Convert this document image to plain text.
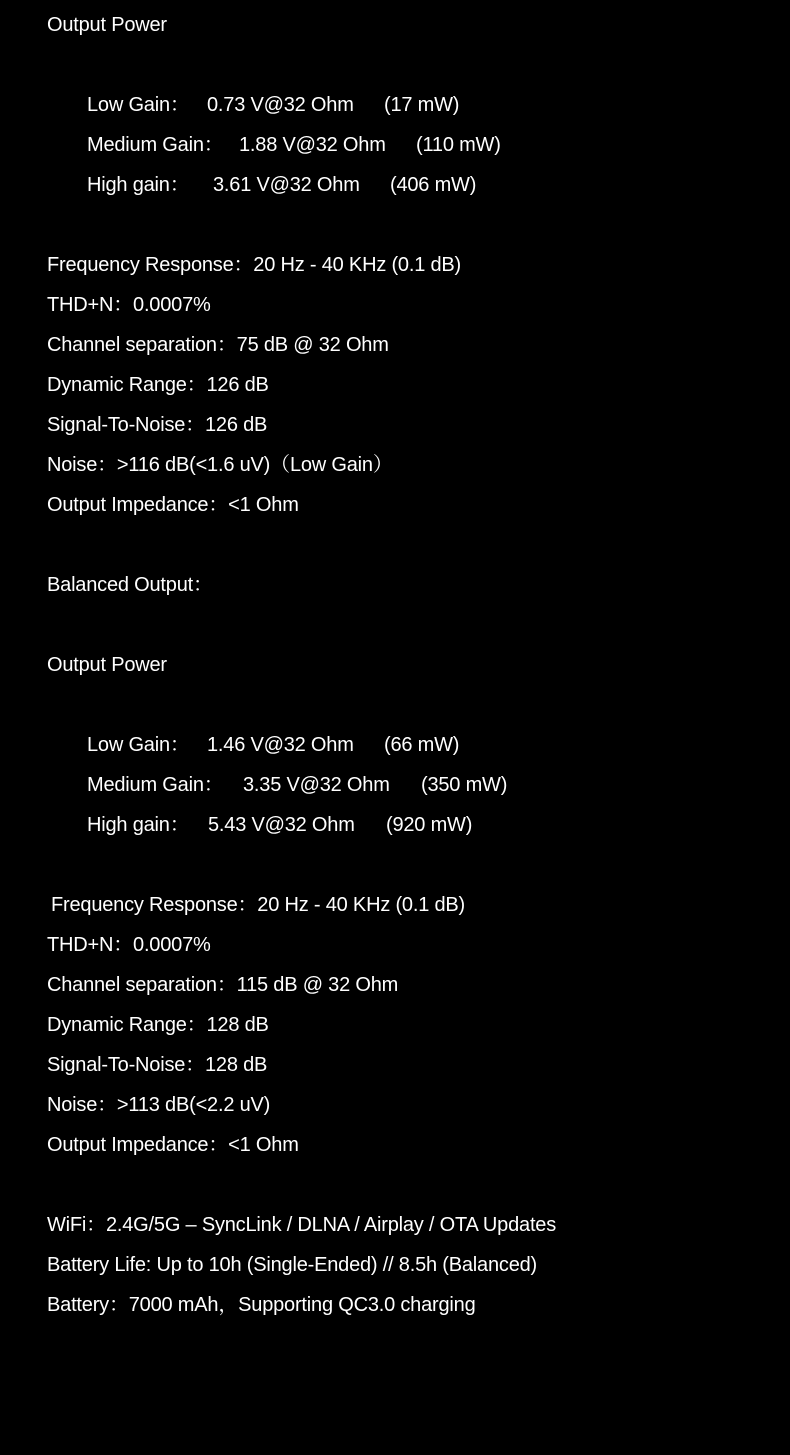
Output Power

Low Gain：

0.73 V@32 Ohm

(17 mW)

Medium Gain：

1.88 V@32 Ohm

(110 mW)

High gain：

3.61 V@32 Ohm

(406 mW)

Frequency Response：20 Hz - 40 KHz (0.1 dB)
THD+N：0.0007%
Channel separation：75 dB @ 32 Ohm
Dynamic Range：126 dB
Signal-To-Noise：126 dB
Noise：>116 dB(<1.6 uV)（Low Gain）
Output Impedance：<1 Ohm
Balanced Output：
Output Power

Low Gain：

1.46 V@32 Ohm

(66 mW)

Medium Gain：

3.35 V@32 Ohm

(350 mW)

High gain：

5.43 V@32 Ohm

(920 mW)

Frequency Response：20 Hz - 40 KHz (0.1 dB)
THD+N：0.0007%
Channel separation：115 dB @ 32 Ohm
Dynamic Range：128 dB
Signal-To-Noise：128 dB
Noise：>113 dB(<2.2 uV)
Output Impedance：<1 Ohm
WiFi：2.4G/5G – SyncLink / DLNA / Airplay / OTA Updates
Battery Life: Up to 10h (Single-Ended) // 8.5h (Balanced)
Battery：7000 mAh，Supporting QC3.0 charging
